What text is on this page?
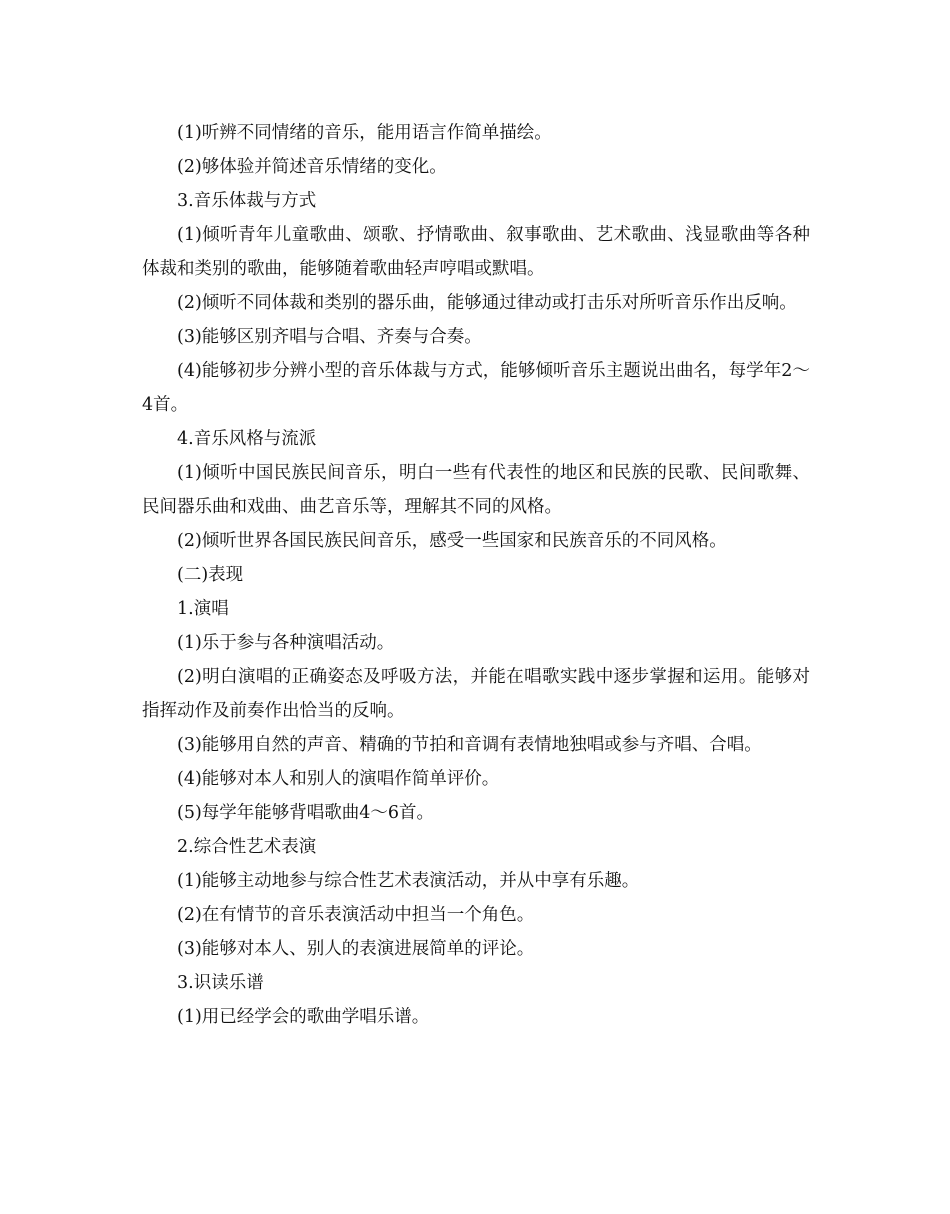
(1)听辨不同情绪的音乐，能用语言作简单描绘。

(2)够体验并简述音乐情绪的变化。

3.音乐体裁与方式

(1)倾听青年儿童歌曲、颂歌、抒情歌曲、叙事歌曲、艺术歌曲、浅显歌曲等各种体裁和类别的歌曲，能够随着歌曲轻声哼唱或默唱。

(2)倾听不同体裁和类别的器乐曲，能够通过律动或打击乐对所听音乐作出反响。

(3)能够区别齐唱与合唱、齐奏与合奏。

(4)能够初步分辨小型的音乐体裁与方式，能够倾听音乐主题说出曲名，每学年2～4首。

4.音乐风格与流派

(1)倾听中国民族民间音乐，明白一些有代表性的地区和民族的民歌、民间歌舞、民间器乐曲和戏曲、曲艺音乐等，理解其不同的风格。

(2)倾听世界各国民族民间音乐，感受一些国家和民族音乐的不同风格。

(二)表现

1.演唱

(1)乐于参与各种演唱活动。

(2)明白演唱的正确姿态及呼吸方法，并能在唱歌实践中逐步掌握和运用。能够对指挥动作及前奏作出恰当的反响。

(3)能够用自然的声音、精确的节拍和音调有表情地独唱或参与齐唱、合唱。

(4)能够对本人和别人的演唱作简单评价。

(5)每学年能够背唱歌曲4～6首。

2.综合性艺术表演

(1)能够主动地参与综合性艺术表演活动，并从中享有乐趣。

(2)在有情节的音乐表演活动中担当一个角色。

(3)能够对本人、别人的表演进展简单的评论。

3.识读乐谱

(1)用已经学会的歌曲学唱乐谱。
